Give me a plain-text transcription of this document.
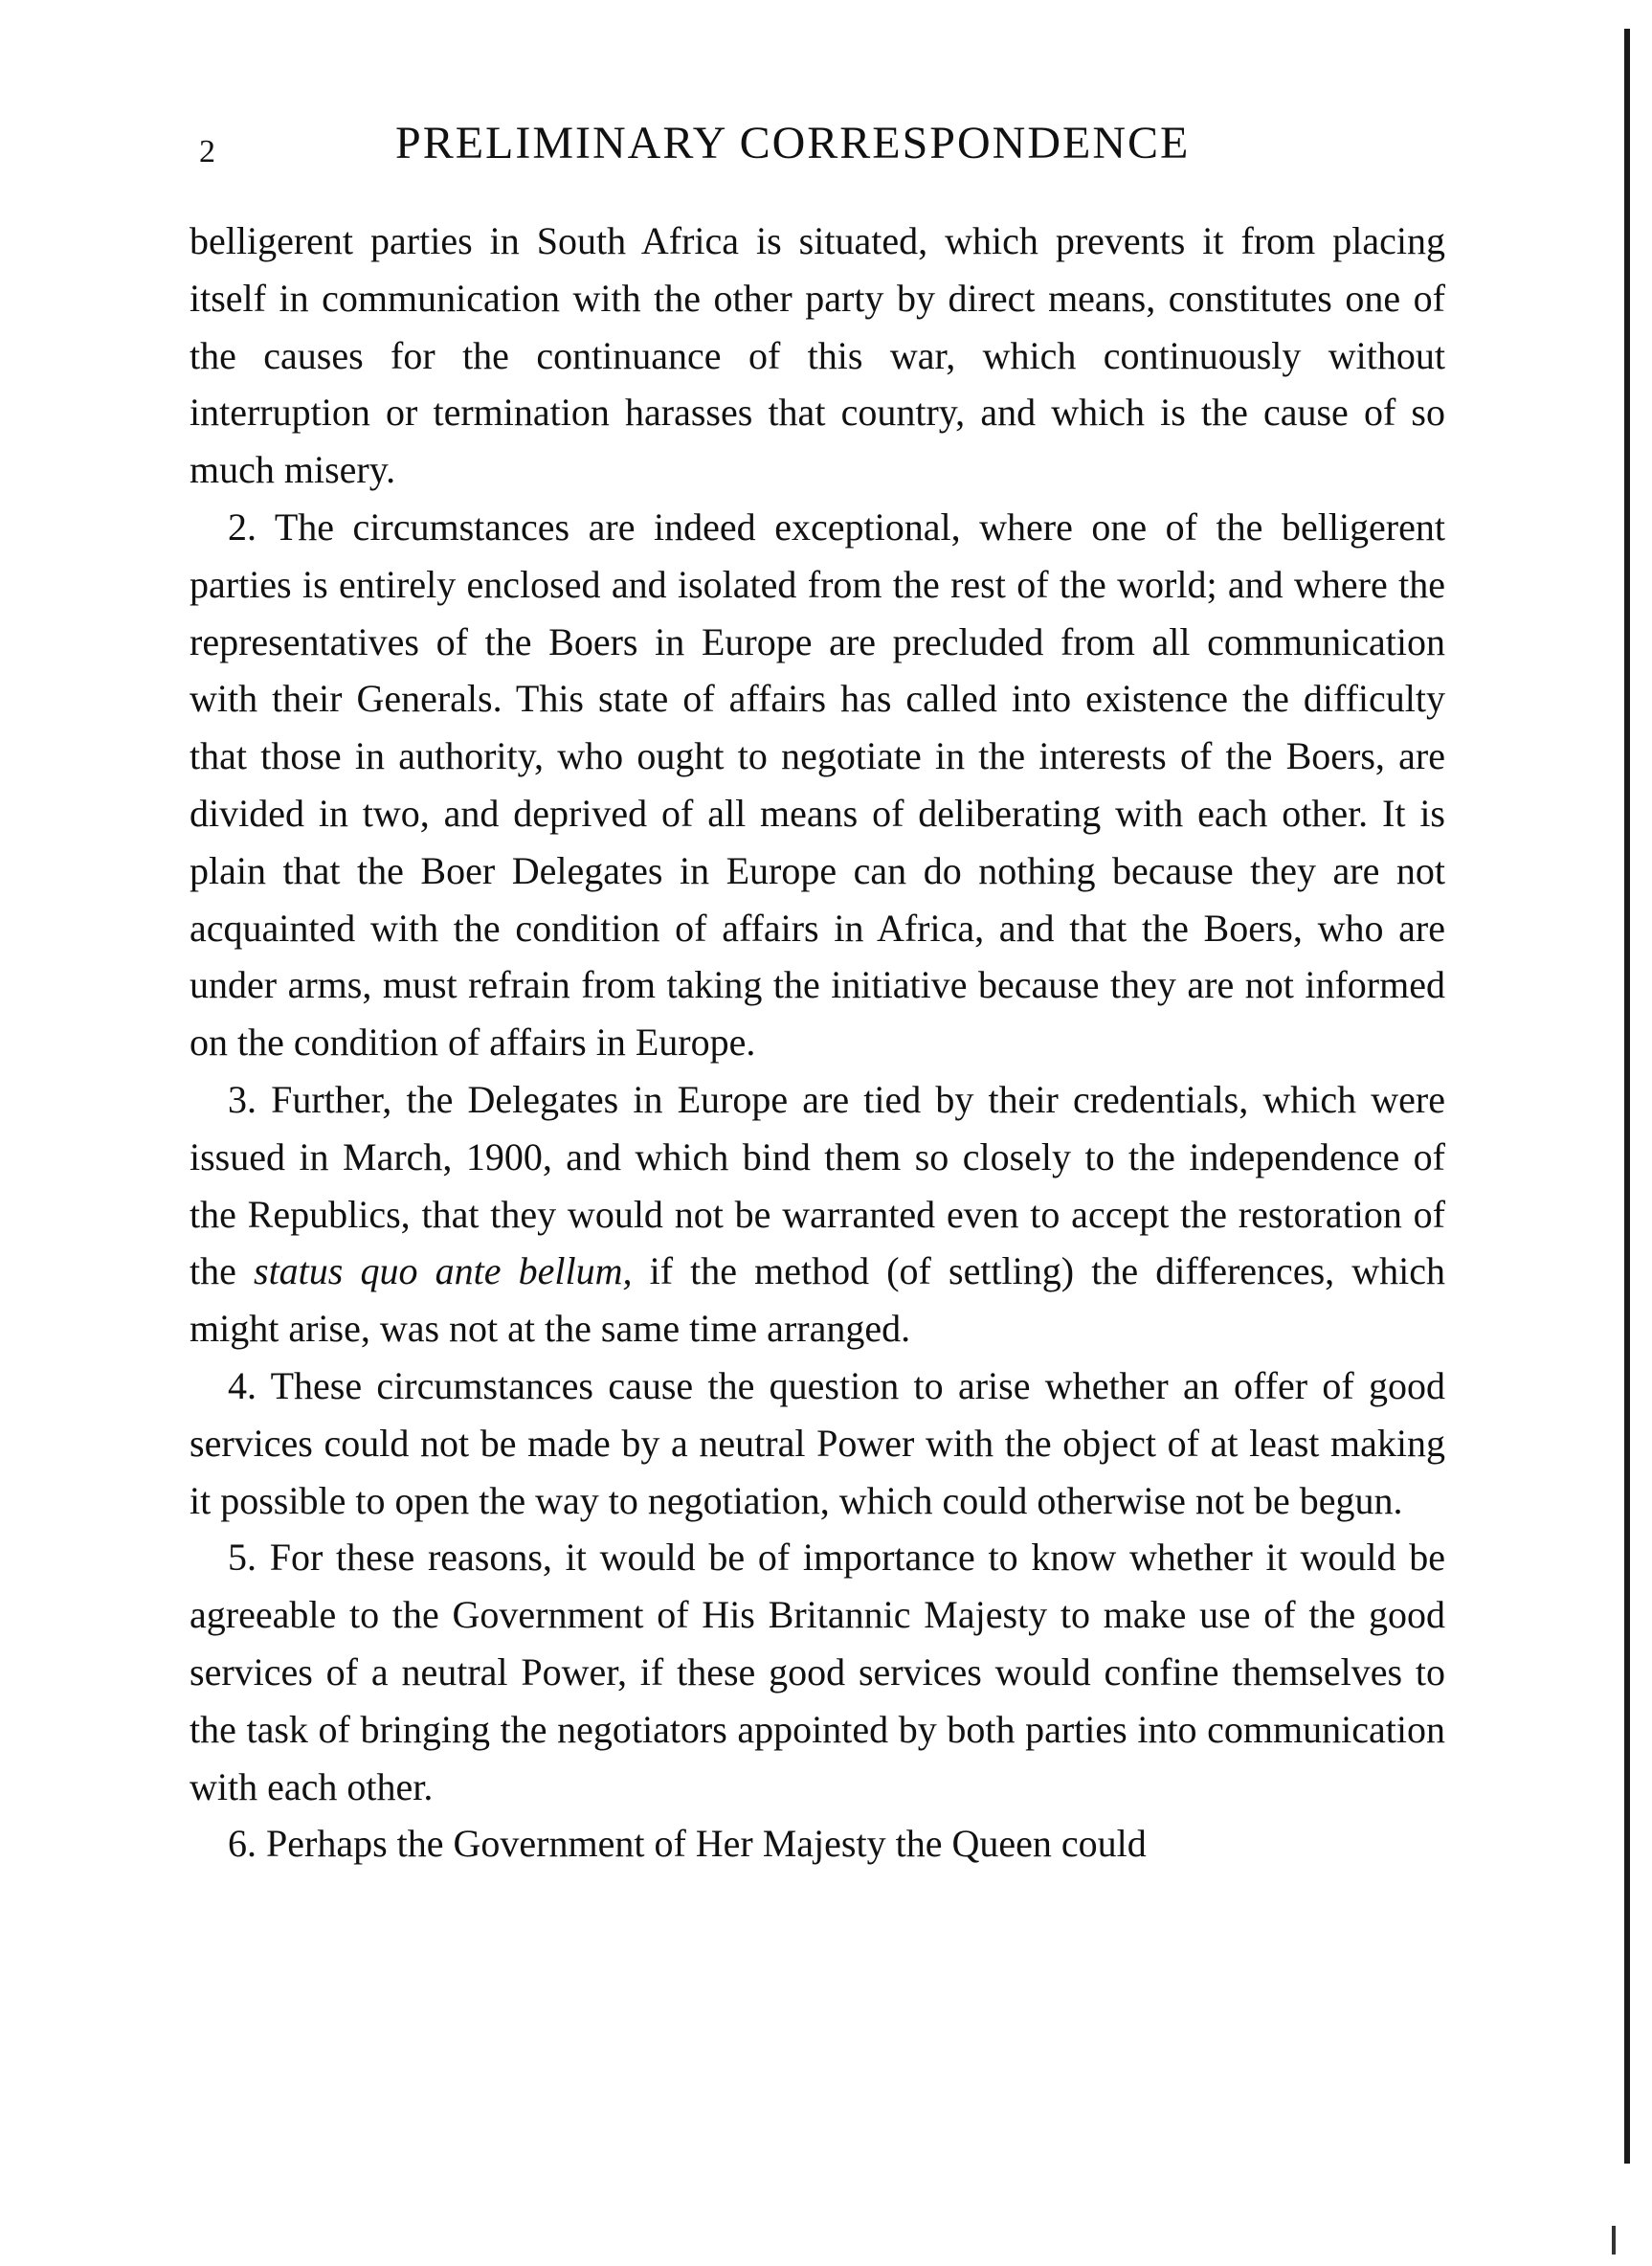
2	PRELIMINARY CORRESPONDENCE

belligerent parties in South Africa is situated, which prevents it from placing itself in communication with the other party by direct means, constitutes one of the causes for the continuance of this war, which continuously without interruption or termination harasses that country, and which is the cause of so much misery.

2. The circumstances are indeed exceptional, where one of the belligerent parties is entirely enclosed and isolated from the rest of the world; and where the representatives of the Boers in Europe are precluded from all communication with their Generals. This state of affairs has called into existence the difficulty that those in authority, who ought to negotiate in the interests of the Boers, are divided in two, and deprived of all means of deliberating with each other. It is plain that the Boer Delegates in Europe can do nothing because they are not acquainted with the condition of affairs in Africa, and that the Boers, who are under arms, must refrain from taking the initiative because they are not informed on the condition of affairs in Europe.

3. Further, the Delegates in Europe are tied by their credentials, which were issued in March, 1900, and which bind them so closely to the independence of the Republics, that they would not be warranted even to accept the restoration of the status quo ante bellum, if the method (of settling) the differences, which might arise, was not at the same time arranged.

4. These circumstances cause the question to arise whether an offer of good services could not be made by a neutral Power with the object of at least making it possible to open the way to negotiation, which could otherwise not be begun.

5. For these reasons, it would be of importance to know whether it would be agreeable to the Government of His Britannic Majesty to make use of the good services of a neutral Power, if these good services would confine themselves to the task of bringing the negotiators appointed by both parties into communication with each other.

6. Perhaps the Government of Her Majesty the Queen could
